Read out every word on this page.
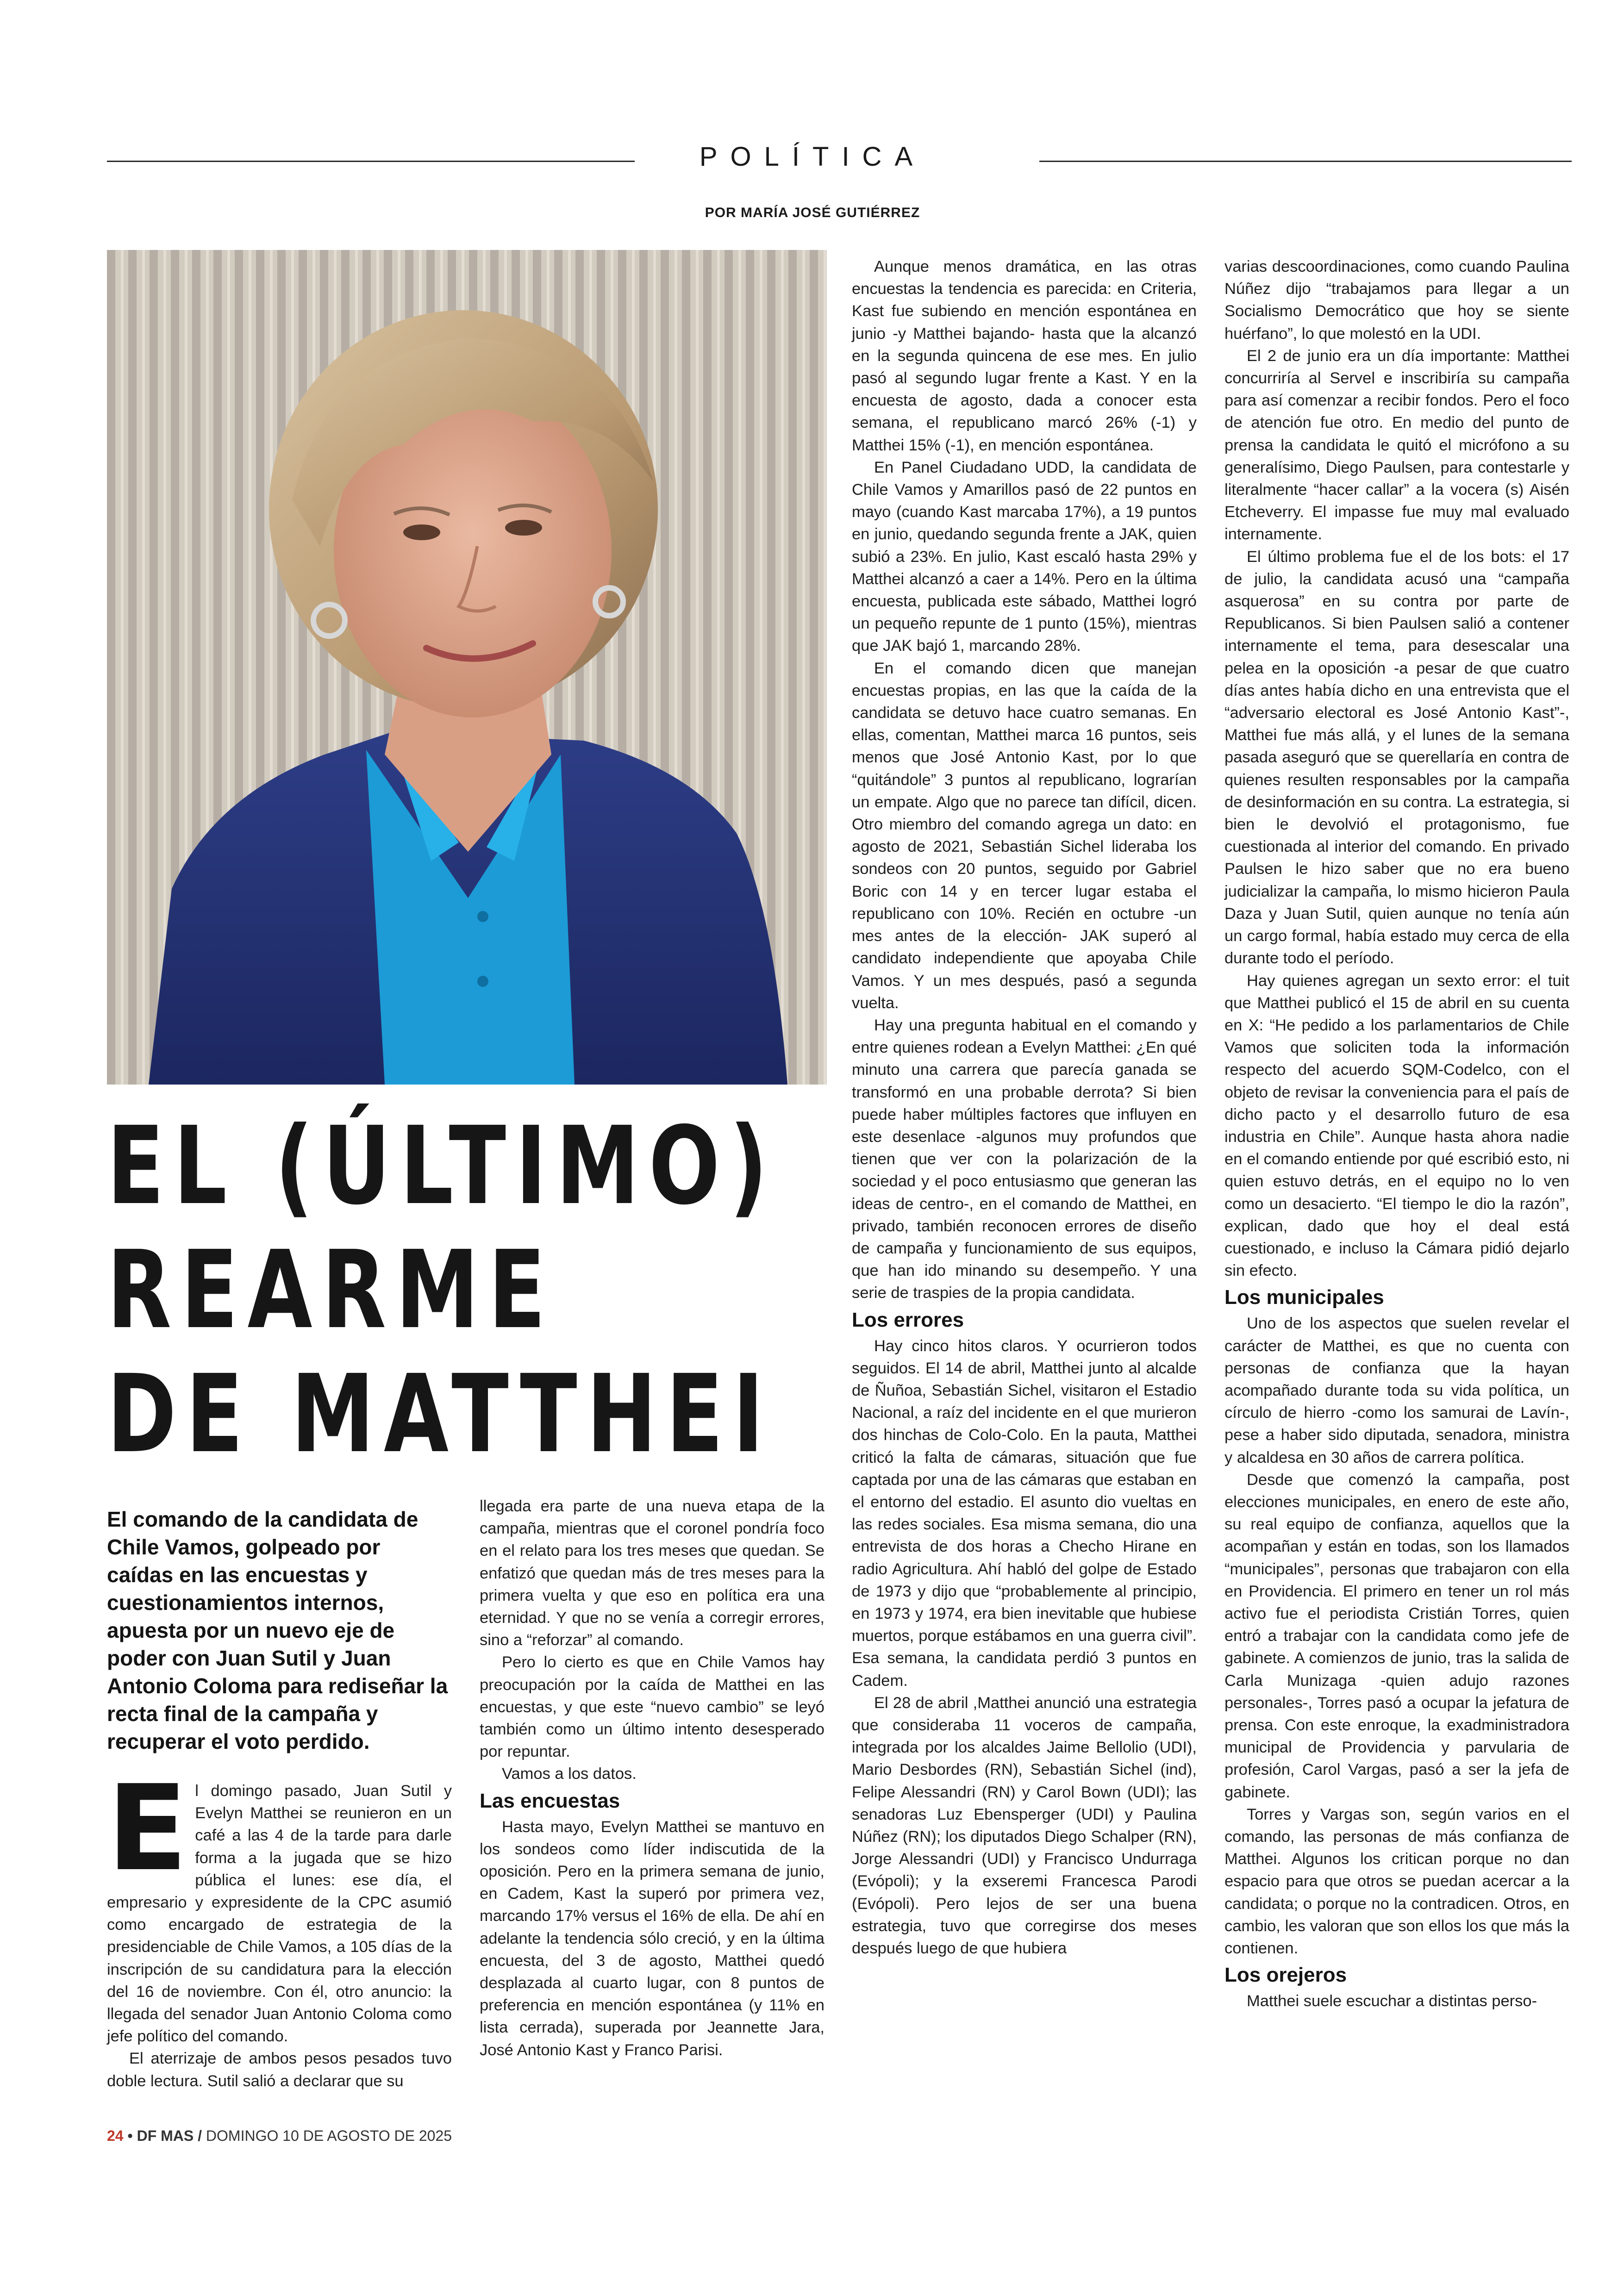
POLÍTICA
POR MARÍA JOSÉ GUTIÉRREZ
EL (ÚLTIMO)
REARME
DE MATTHEI
El comando de la candidata de Chile Vamos, golpeado por caídas en las encuestas y cuestionamientos internos, apuesta por un nuevo eje de poder con Juan Sutil y Juan Antonio Coloma para rediseñar la recta final de la campaña y recuperar el voto perdido.
E l domingo pasado, Juan Sutil y Evelyn Matthei se reunieron en un café a las 4 de la tarde para darle forma a la jugada que se hizo pública el lunes: ese día, el empresario y expresidente de la CPC asumió como encargado de estrategia de la presidenciable de Chile Vamos, a 105 días de la inscripción de su candidatura para la elección del 16 de noviembre. Con él, otro anuncio: la llegada del senador Juan Antonio Coloma como jefe político del comando.

El aterrizaje de ambos pesos pesados tuvo doble lectura. Sutil salió a declarar que su

llegada era parte de una nueva etapa de la campaña, mientras que el coronel pondría foco en el relato para los tres meses que quedan. Se enfatizó que quedan más de tres meses para la primera vuelta y que eso en política era una eternidad. Y que no se venía a corregir errores, sino a “reforzar” al comando.

Pero lo cierto es que en Chile Vamos hay preocupación por la caída de Matthei en las encuestas, y que este “nuevo cambio” se leyó también como un último intento desesperado por repuntar.

Vamos a los datos.

Las encuestas

Hasta mayo, Evelyn Matthei se mantuvo en los sondeos como líder indiscutida de la oposición. Pero en la primera semana de junio, en Cadem, Kast la superó por primera vez, marcando 17% versus el 16% de ella. De ahí en adelante la tendencia sólo creció, y en la última encuesta, del 3 de agosto, Matthei quedó desplazada al cuarto lugar, con 8 puntos de preferencia en mención espontánea (y 11% en lista cerrada), superada por Jeannette Jara, José Antonio Kast y Franco Parisi.

Aunque menos dramática, en las otras encuestas la tendencia es parecida: en Criteria, Kast fue subiendo en mención espontánea en junio -y Matthei bajando- hasta que la alcanzó en la segunda quincena de ese mes. En julio pasó al segundo lugar frente a Kast. Y en la encuesta de agosto, dada a conocer esta semana, el republicano marcó 26% (-1) y Matthei 15% (-1), en mención espontánea.

En Panel Ciudadano UDD, la candidata de Chile Vamos y Amarillos pasó de 22 puntos en mayo (cuando Kast marcaba 17%), a 19 puntos en junio, quedando segunda frente a JAK, quien subió a 23%. En julio, Kast escaló hasta 29% y Matthei alcanzó a caer a 14%. Pero en la última encuesta, publicada este sábado, Matthei logró un pequeño repunte de 1 punto (15%), mientras que JAK bajó 1, marcando 28%.

En el comando dicen que manejan encuestas propias, en las que la caída de la candidata se detuvo hace cuatro semanas. En ellas, comentan, Matthei marca 16 puntos, seis menos que José Antonio Kast, por lo que “quitándole” 3 puntos al republicano, lograrían un empate. Algo que no parece tan difícil, dicen. Otro miembro del comando agrega un dato: en agosto de 2021, Sebastián Sichel lideraba los sondeos con 20 puntos, seguido por Gabriel Boric con 14 y en tercer lugar estaba el republicano con 10%. Recién en octubre -un mes antes de la elección- JAK superó al candidato independiente que apoyaba Chile Vamos. Y un mes después, pasó a segunda vuelta.

Hay una pregunta habitual en el comando y entre quienes rodean a Evelyn Matthei: ¿En qué minuto una carrera que parecía ganada se transformó en una probable derrota? Si bien puede haber múltiples factores que influyen en este desenlace -algunos muy profundos que tienen que ver con la polarización de la sociedad y el poco entusiasmo que generan las ideas de centro-, en el comando de Matthei, en privado, también reconocen errores de diseño de campaña y funcionamiento de sus equipos, que han ido minando su desempeño. Y una serie de traspies de la propia candidata.

Los errores

Hay cinco hitos claros. Y ocurrieron todos seguidos. El 14 de abril, Matthei junto al alcalde de Ñuñoa, Sebastián Sichel, visitaron el Estadio Nacional, a raíz del incidente en el que murieron dos hinchas de Colo-Colo. En la pauta, Matthei criticó la falta de cámaras, situación que fue captada por una de las cámaras que estaban en el entorno del estadio. El asunto dio vueltas en las redes sociales. Esa misma semana, dio una entrevista de dos horas a Checho Hirane en radio Agricultura. Ahí habló del golpe de Estado de 1973 y dijo que “probablemente al principio, en 1973 y 1974, era bien inevitable que hubiese muertos, porque estábamos en una guerra civil”. Esa semana, la candidata perdió 3 puntos en Cadem.

El 28 de abril ,Matthei anunció una estrategia que consideraba 11 voceros de campaña, integrada por los alcaldes Jaime Bellolio (UDI), Mario Desbordes (RN), Sebastián Sichel (ind), Felipe Alessandri (RN) y Carol Bown (UDI); las senadoras Luz Ebensperger (UDI) y Paulina Núñez (RN); los diputados Diego Schalper (RN), Jorge Alessandri (UDI) y Francisco Undurraga (Evópoli); y la exseremi Francesca Parodi (Evópoli). Pero lejos de ser una buena estrategia, tuvo que corregirse dos meses después luego de que hubiera

varias descoordinaciones, como cuando Paulina Núñez dijo “trabajamos para llegar a un Socialismo Democrático que hoy se siente huérfano”, lo que molestó en la UDI.

El 2 de junio era un día importante: Matthei concurriría al Servel e inscribiría su campaña para así comenzar a recibir fondos. Pero el foco de atención fue otro. En medio del punto de prensa la candidata le quitó el micrófono a su generalísimo, Diego Paulsen, para contestarle y literalmente “hacer callar” a la vocera (s) Aisén Etcheverry. El impasse fue muy mal evaluado internamente.

El último problema fue el de los bots: el 17 de julio, la candidata acusó una “campaña asquerosa” en su contra por parte de Republicanos. Si bien Paulsen salió a contener internamente el tema, para desescalar una pelea en la oposición -a pesar de que cuatro días antes había dicho en una entrevista que el “adversario electoral es José Antonio Kast”-, Matthei fue más allá, y el lunes de la semana pasada aseguró que se querellaría en contra de quienes resulten responsables por la campaña de desinformación en su contra. La estrategia, si bien le devolvió el protagonismo, fue cuestionada al interior del comando. En privado Paulsen le hizo saber que no era bueno judicializar la campaña, lo mismo hicieron Paula Daza y Juan Sutil, quien aunque no tenía aún un cargo formal, había estado muy cerca de ella durante todo el período.

Hay quienes agregan un sexto error: el tuit que Matthei publicó el 15 de abril en su cuenta en X: “He pedido a los parlamentarios de Chile Vamos que soliciten toda la información respecto del acuerdo SQM-Codelco, con el objeto de revisar la conveniencia para el país de dicho pacto y el desarrollo futuro de esa industria en Chile”. Aunque hasta ahora nadie en el comando entiende por qué escribió esto, ni quien estuvo detrás, en el equipo no lo ven como un desacierto. “El tiempo le dio la razón”, explican, dado que hoy el deal está cuestionado, e incluso la Cámara pidió dejarlo sin efecto.

Los municipales

Uno de los aspectos que suelen revelar el carácter de Matthei, es que no cuenta con personas de confianza que la hayan acompañado durante toda su vida política, un círculo de hierro -como los samurai de Lavín-, pese a haber sido diputada, senadora, ministra y alcaldesa en 30 años de carrera política.

Desde que comenzó la campaña, post elecciones municipales, en enero de este año, su real equipo de confianza, aquellos que la acompañan y están en todas, son los llamados “municipales”, personas que trabajaron con ella en Providencia. El primero en tener un rol más activo fue el periodista Cristián Torres, quien entró a trabajar con la candidata como jefe de gabinete. A comienzos de junio, tras la salida de Carla Munizaga -quien adujo razones personales-, Torres pasó a ocupar la jefatura de prensa. Con este enroque, la exadministradora municipal de Providencia y parvularia de profesión, Carol Vargas, pasó a ser la jefa de gabinete.

Torres y Vargas son, según varios en el comando, las personas de más confianza de Matthei. Algunos los critican porque no dan espacio para que otros se puedan acercar a la candidata; o porque no la contradicen. Otros, en cambio, les valoran que son ellos los que más la contienen.

Los orejeros

Matthei suele escuchar a distintas perso-

24 • DF MAS / DOMINGO 10 DE AGOSTO DE 2025
